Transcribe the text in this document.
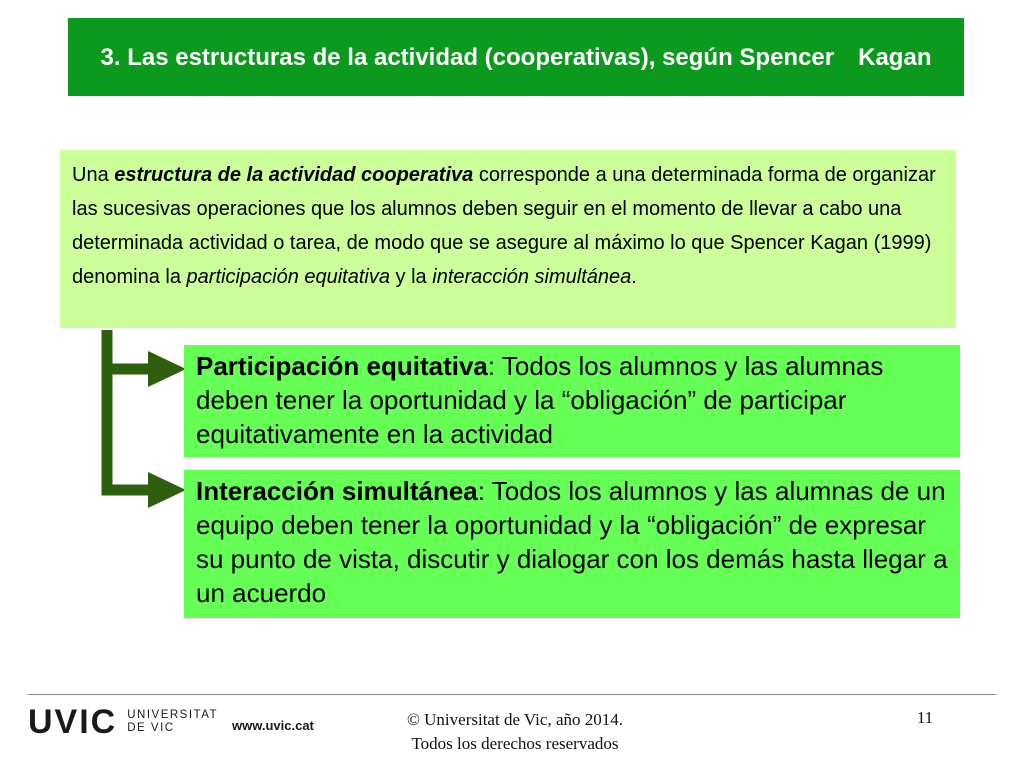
3. Las estructuras de la actividad (cooperativas), según Spencer	Kagan
Una estructura de la actividad cooperativa corresponde a una determinada forma de organizar las sucesivas operaciones que los alumnos deben seguir en el momento de llevar a cabo una determinada actividad o tarea, de modo que se asegure al máximo lo que Spencer Kagan (1999) denomina la participación equitativa y la interacción simultánea.
Participación equitativa: Todos los alumnos y las alumnas deben tener la oportunidad y la “obligación” de participar equitativamente en la actividad
Interacción simultánea: Todos los alumnos y las alumnas de un equipo deben tener la oportunidad y la “obligación” de expresar su punto de vista, discutir y dialogar con los demás hasta llegar a un acuerdo
UVIC UNIVERSITAT
DE VIC	www.uvic.cat	© Universitat de Vic, año 2014.
Todos los derechos reservados
11
